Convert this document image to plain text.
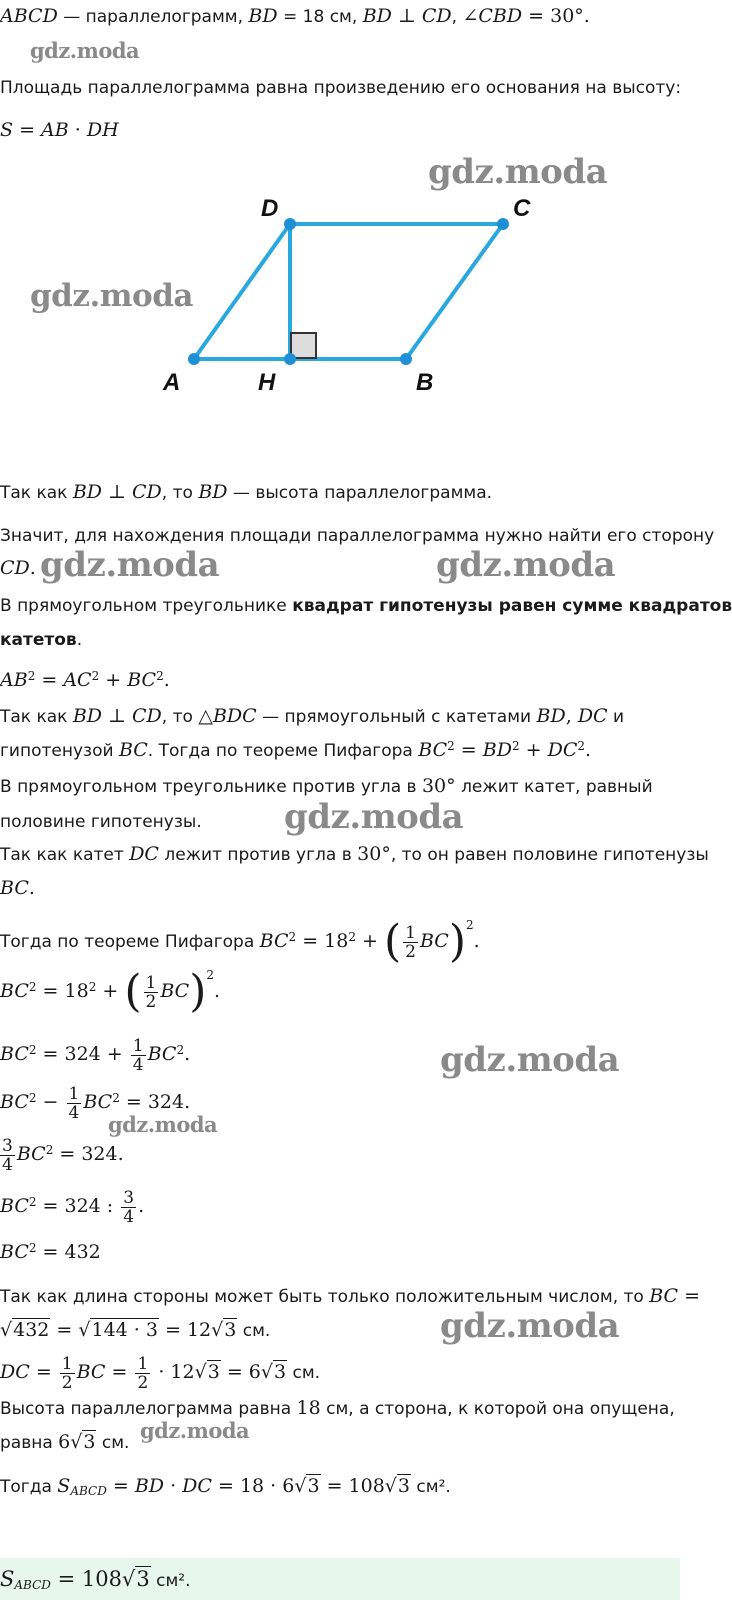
ABCD — параллелограмм, BD = 18 см, BD ⊥ CD, ∠CBD = 30°.
gdz.moda
Площадь параллелограмма равна произведению его основания на высоту:
S = AB · DH
gdz.moda
gdz.moda
D	C
A	H	B
Так как BD ⊥ CD, то BD — высота параллелограмма.
Значит, для нахождения площади параллелограмма нужно найти его сторону
CD. gdz.moda	gdz.moda
В прямоугольном треугольнике квадрат гипотенузы равен сумме квадратов
катетов.
$AB^2 = AC^2 + BC^2$.
Так как BD ⊥ CD, то △BDC — прямоугольный с катетами BD, DC и
гипотенузой BC. Тогда по теореме Пифагора $BC^2 = BD^2 + DC^2$.
В прямоугольном треугольнике против угла в 30° лежит катет, равный
половине гипотенузы. gdz.moda
Так как катет DC лежит против угла в 30°, то он равен половине гипотенузы
BC.
Тогда по теореме Пифагора $BC^2 = 18^2$ + ( $\frac{1}{2} BC)^2$.
$BC^2 = 18^2$ + ( $\frac{1}{2} BC)^2$.
$BC^2 = 324 + \frac{1}{4} BC^2$.	gdz.moda
$BC^2 - \frac{1}{4} BC^2 = 324$.
gdz.moda
$\frac{3}{4} BC^2 = 324$.
$BC^2 = 324$ : $\frac{3}{4}$ .
$BC^2 = 432$
Так как длина стороны может быть только положительным числом, то BC =
√432 = √144 · 3 = 12√3 см.	gdz.moda
DC = $\frac{1}{2}$ BC = $\frac{1}{2} \cdot 12√3 = 6√3$ см.
Высота параллелограмма равна 18 см, а сторона, к которой она опущена,
равна 6√3 см. gdz.moda
Тогда $S_{ABCD}$ = BD · DC = 18 · 6√3 = 108√3 см².
$S_{ABCD} = 108√3$ см².
